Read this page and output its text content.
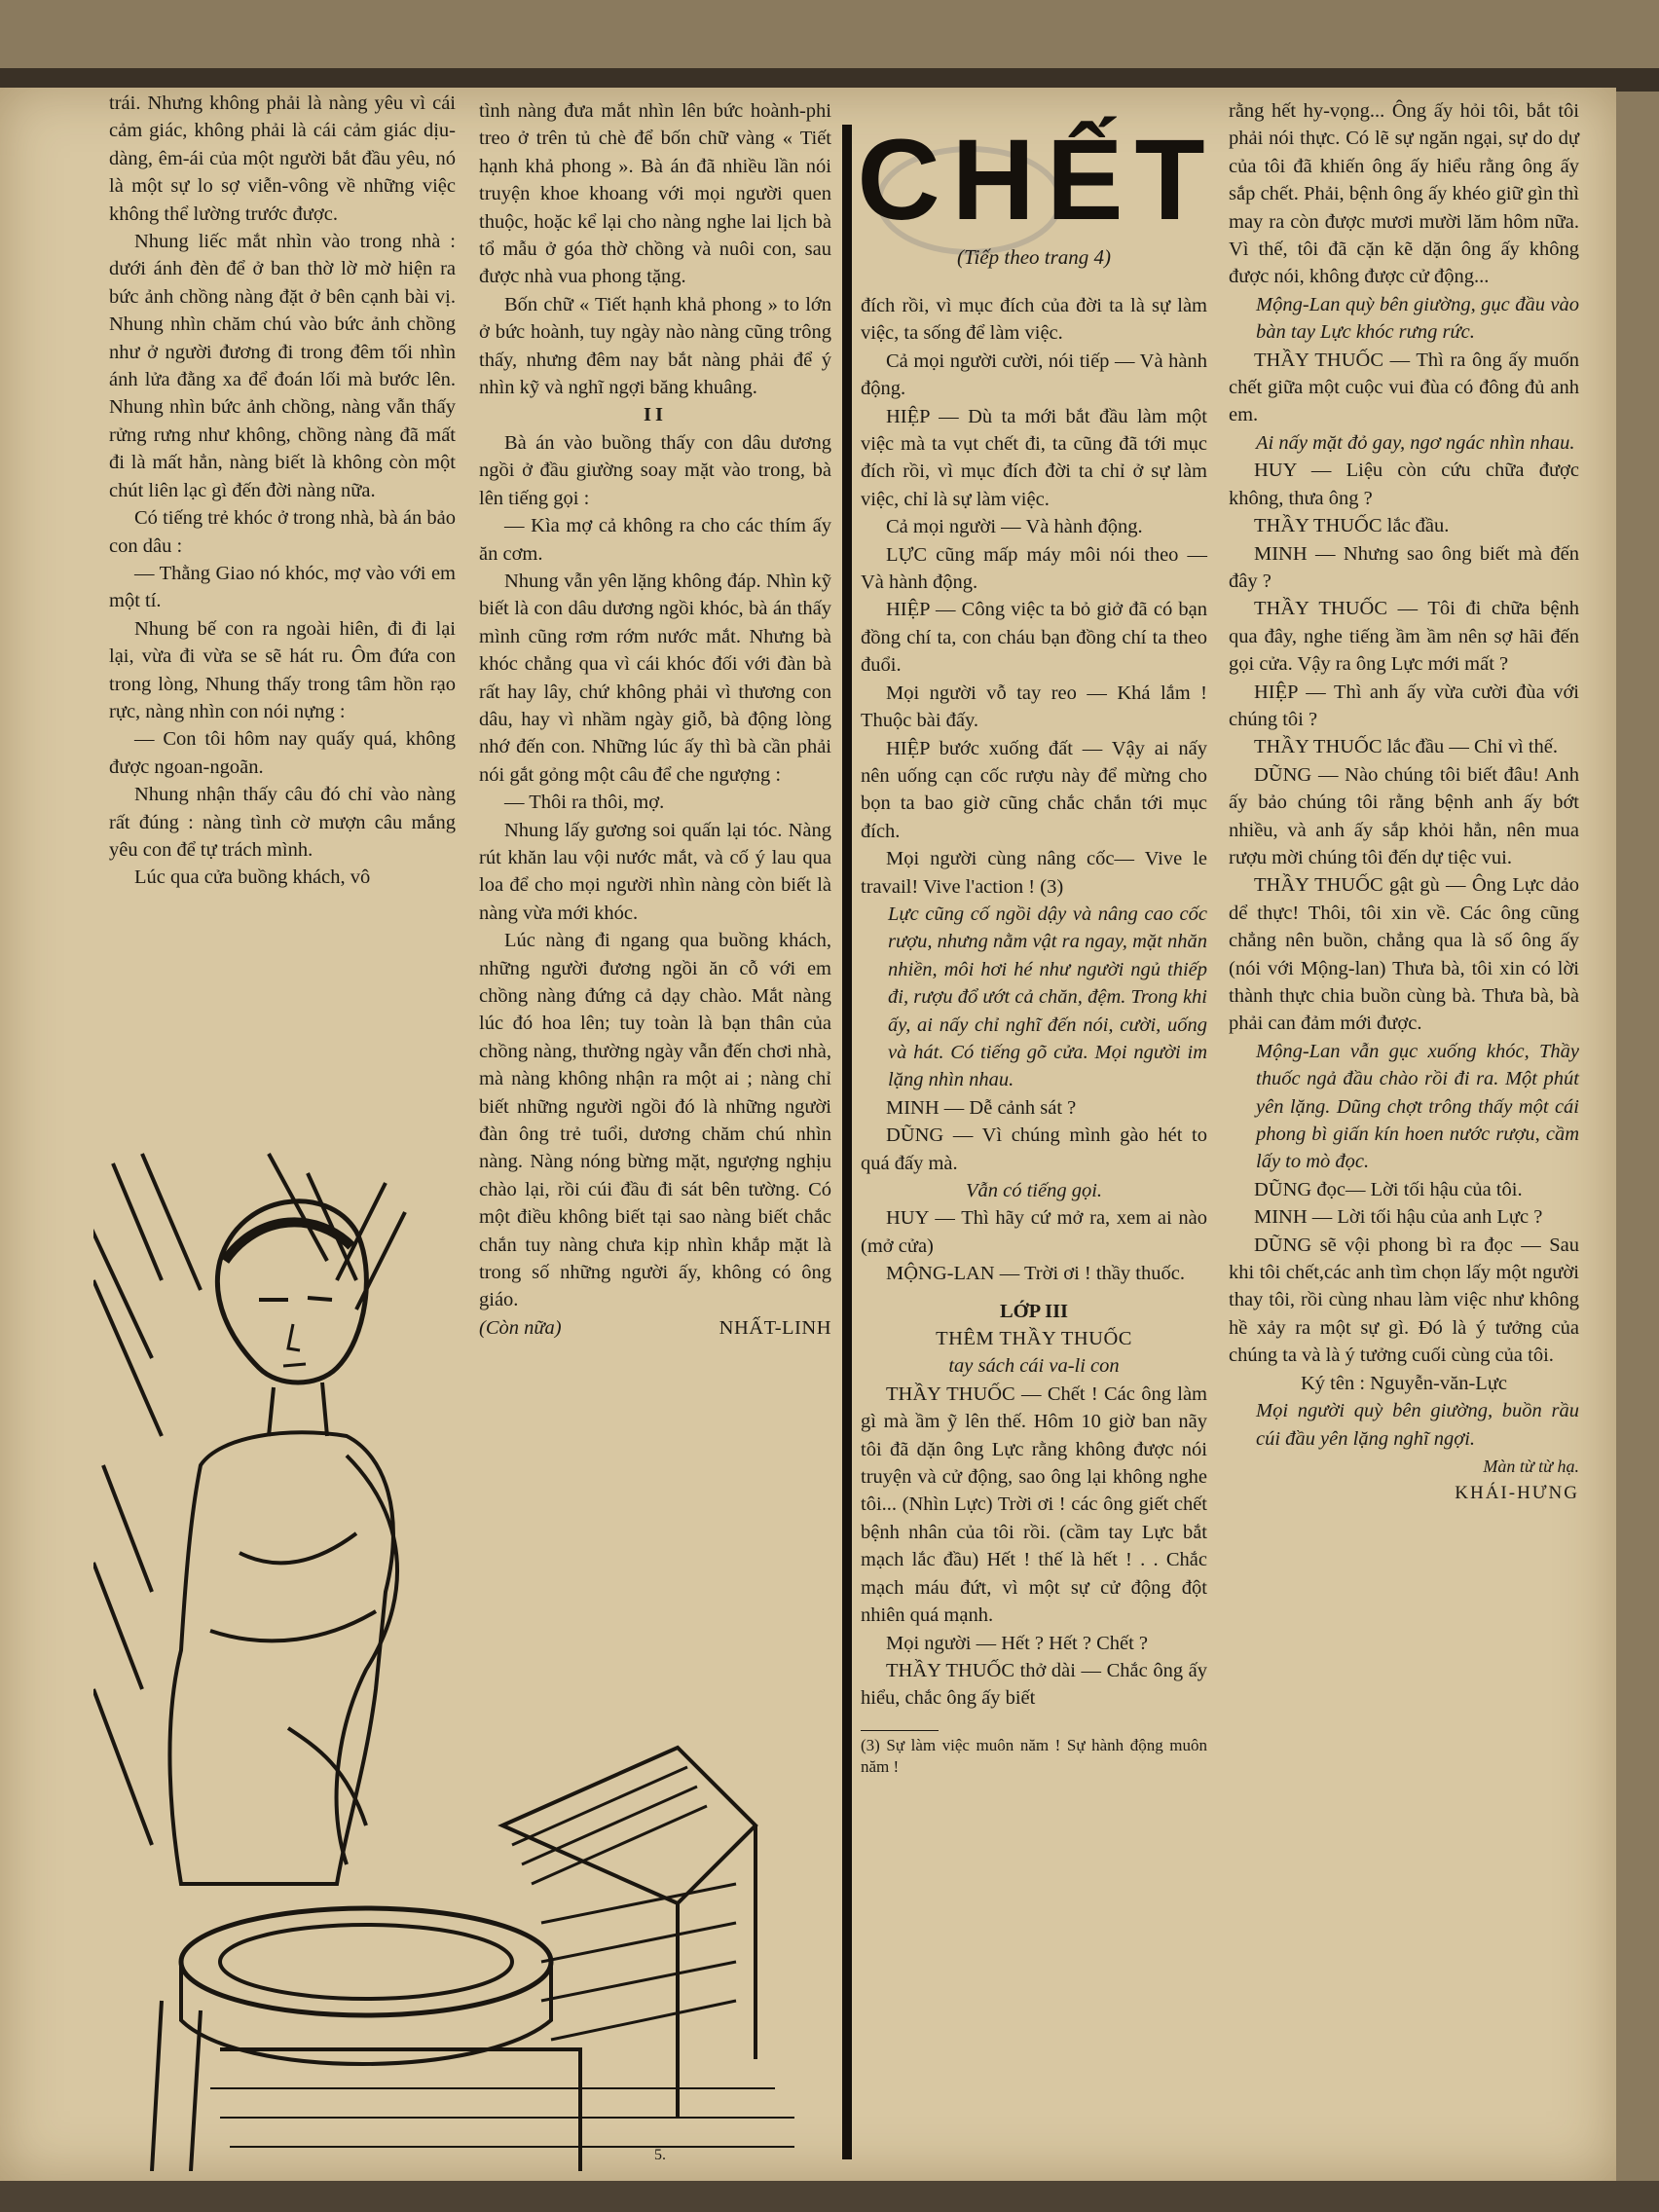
trái. Nhưng không phải là nàng yêu vì cái cảm giác, không phải là cái cảm giác dịu-dàng, êm-ái của một người bắt đầu yêu, nó là một sự lo sợ viễn-vông về những việc không thể lường trước được.

Nhung liếc mắt nhìn vào trong nhà : dưới ánh đèn để ở ban thờ lờ mờ hiện ra bức ảnh chồng nàng đặt ở bên cạnh bài vị. Nhung nhìn chăm chú vào bức ảnh chồng như ở người đương đi trong đêm tối nhìn ánh lửa đằng xa để đoán lối mà bước lên. Nhung nhìn bức ảnh chồng, nàng vẫn thấy rửng rưng như không, chồng nàng đã mất đi là mất hẳn, nàng biết là không còn một chút liên lạc gì đến đời nàng nữa.

Có tiếng trẻ khóc ở trong nhà, bà án bảo con dâu :

— Thằng Giao nó khóc, mợ vào với em một tí.

Nhung bế con ra ngoài hiên, đi đi lại lại, vừa đi vừa se sẽ hát ru. Ôm đứa con trong lòng, Nhung thấy trong tâm hồn rạo rực, nàng nhìn con nói nựng :

— Con tôi hôm nay quấy quá, không được ngoan-ngoãn.

Nhung nhận thấy câu đó chỉ vào nàng rất đúng : nàng tình cờ mượn câu mắng yêu con để tự trách mình.

Lúc qua cửa buồng khách, vô

tình nàng đưa mắt nhìn lên bức hoành-phi treo ở trên tủ chè để bốn chữ vàng « Tiết hạnh khả phong ». Bà án đã nhiều lần nói truyện khoe khoang với mọi người quen thuộc, hoặc kể lại cho nàng nghe lai lịch bà tổ mẫu ở góa thờ chồng và nuôi con, sau được nhà vua phong tặng.

Bốn chữ « Tiết hạnh khả phong » to lớn ở bức hoành, tuy ngày nào nàng cũng trông thấy, nhưng đêm nay bắt nàng phải để ý nhìn kỹ và nghĩ ngợi băng khuâng.

II

Bà án vào buồng thấy con dâu dương ngồi ở đầu giường soay mặt vào trong, bà lên tiếng gọi :

— Kìa mợ cả không ra cho các thím ấy ăn cơm.

Nhung vẫn yên lặng không đáp. Nhìn kỹ biết là con dâu dương ngồi khóc, bà án thấy mình cũng rơm rớm nước mắt. Nhưng bà khóc chẳng qua vì cái khóc đối với đàn bà rất hay lây, chứ không phải vì thương con dâu, hay vì nhầm ngày giỗ, bà động lòng nhớ đến con. Những lúc ấy thì bà cần phải nói gắt gỏng một câu để che ngượng :

— Thôi ra thôi, mợ.

Nhung lấy gương soi quấn lại tóc. Nàng rút khăn lau vội nước mắt, và cố ý lau qua loa để cho mọi người nhìn nàng còn biết là nàng vừa mới khóc.

Lúc nàng đi ngang qua buồng khách, những người đương ngồi ăn cỗ với em chồng nàng đứng cả dạy chào. Mắt nàng lúc đó hoa lên; tuy toàn là bạn thân của chồng nàng, thường ngày vẫn đến chơi nhà, mà nàng không nhận ra một ai ; nàng chỉ biết những người ngồi đó là những người đàn ông trẻ tuổi, dương chăm chú nhìn nàng. Nàng nóng bừng mặt, ngượng nghịu chào lại, rồi cúi đầu đi sát bên tường. Có một điều không biết tại sao nàng biết chắc chắn tuy nàng chưa kịp nhìn khắp mặt là trong số những người ấy, không có ông giáo.

(Còn nữa)	NHẤT-LINH

CHẾT
(Tiếp theo trang 4)

đích rồi, vì mục đích của đời ta là sự làm việc, ta sống để làm việc.

Cả mọi người cười, nói tiếp — Và hành động.

HIỆP — Dù ta mới bắt đầu làm một việc mà ta vụt chết đi, ta cũng đã tới mục đích rồi, vì mục đích đời ta chỉ ở sự làm việc, chỉ là sự làm việc.

Cả mọi người — Và hành động.

LỰC cũng mấp máy môi nói theo — Và hành động.

HIỆP — Công việc ta bỏ giở đã có bạn đồng chí ta, con cháu bạn đồng chí ta theo đuổi.

Mọi người vỗ tay reo — Khá lắm ! Thuộc bài đấy.

HIỆP bước xuống đất — Vậy ai nấy nên uống cạn cốc rượu này để mừng cho bọn ta bao giờ cũng chắc chắn tới mục đích.

Mọi người cùng nâng cốc— Vive le travail! Vive l'action ! (3)

Lực cũng cố ngồi dậy và nâng cao cốc rượu, nhưng nằm vật ra ngay, mặt nhăn nhiền, môi hơi hé như người ngủ thiếp đi, rượu đổ ướt cả chăn, đệm. Trong khi ấy, ai nấy chỉ nghĩ đến nói, cười, uống và hát. Có tiếng gõ cửa. Mọi người im lặng nhìn nhau.

MINH — Dễ cảnh sát ?

DŨNG — Vì chúng mình gào hét to quá đấy mà.

Vẫn có tiếng gọi.

HUY — Thì hãy cứ mở ra, xem ai nào (mở cửa)

MỘNG-LAN — Trời ơi ! thầy thuốc.

LỚP III

THÊM THẦY THUỐC

tay sách cái va-li con

THẦY THUỐC — Chết ! Các ông làm gì mà ầm ỹ lên thế. Hôm 10 giờ ban nãy tôi đã dặn ông Lực rằng không được nói truyện và cử động, sao ông lại không nghe tôi... (Nhìn Lực) Trời ơi ! các ông giết chết bệnh nhân của tôi rồi. (cầm tay Lực bắt mạch lắc đầu) Hết ! thế là hết ! . . Chắc mạch máu đứt, vì một sự cử động đột nhiên quá mạnh.

Mọi người — Hết ? Hết ? Chết ?

THẦY THUỐC thở dài — Chắc ông ấy hiểu, chắc ông ấy biết

(3) Sự làm việc muôn năm ! Sự hành động muôn năm !

rằng hết hy-vọng... Ông ấy hỏi tôi, bắt tôi phải nói thực. Có lẽ sự ngăn ngại, sự do dự của tôi đã khiến ông ấy hiểu rằng ông ấy sắp chết. Phải, bệnh ông ấy khéo giữ gìn thì may ra còn được mươi mười lăm hôm nữa. Vì thế, tôi đã cặn kẽ dặn ông ấy không được nói, không được cử động...

Mộng-Lan quỳ bên giường, gục đầu vào bàn tay Lực khóc rưng rức.

THẦY THUỐC — Thì ra ông ấy muốn chết giữa một cuộc vui đùa có đông đủ anh em.

Ai nấy mặt đỏ gay, ngơ ngác nhìn nhau.

HUY — Liệu còn cứu chữa được không, thưa ông ?

THẦY THUỐC lắc đầu.

MINH — Nhưng sao ông biết mà đến đây ?

THẦY THUỐC — Tôi đi chữa bệnh qua đây, nghe tiếng ầm ầm nên sợ hãi đến gọi cửa. Vậy ra ông Lực mới mất ?

HIỆP — Thì anh ấy vừa cười đùa với chúng tôi ?

THẦY THUỐC lắc đầu — Chỉ vì thế.

DŨNG — Nào chúng tôi biết đâu! Anh ấy bảo chúng tôi rằng bệnh anh ấy bớt nhiều, và anh ấy sắp khỏi hẳn, nên mua rượu mời chúng tôi đến dự tiệc vui.

THẦY THUỐC gật gù — Ông Lực dảo dể thực! Thôi, tôi xin về. Các ông cũng chẳng nên buồn, chẳng qua là số ông ấy (nói với Mộng-lan) Thưa bà, tôi xin có lời thành thực chia buồn cùng bà. Thưa bà, bà phải can đảm mới được.

Mộng-Lan vẫn gục xuống khóc, Thầy thuốc ngả đầu chào rồi đi ra. Một phút yên lặng. Dũng chợt trông thấy một cái phong bì giấn kín hoen nước rượu, cầm lấy to mò đọc.

DŨNG đọc— Lời tối hậu của tôi.

MINH — Lời tối hậu của anh Lực ?

DŨNG sẽ vội phong bì ra đọc — Sau khi tôi chết,các anh tìm chọn lấy một người thay tôi, rồi cùng nhau làm việc như không hề xảy ra một sự gì. Đó là ý tưởng của chúng ta và là ý tưởng cuối cùng của tôi.

Ký tên : Nguyễn-văn-Lực

Mọi người quỳ bên giường, buồn rầu cúi đầu yên lặng nghĩ ngợi.

Màn từ từ hạ.

KHÁI-HƯNG

5.
